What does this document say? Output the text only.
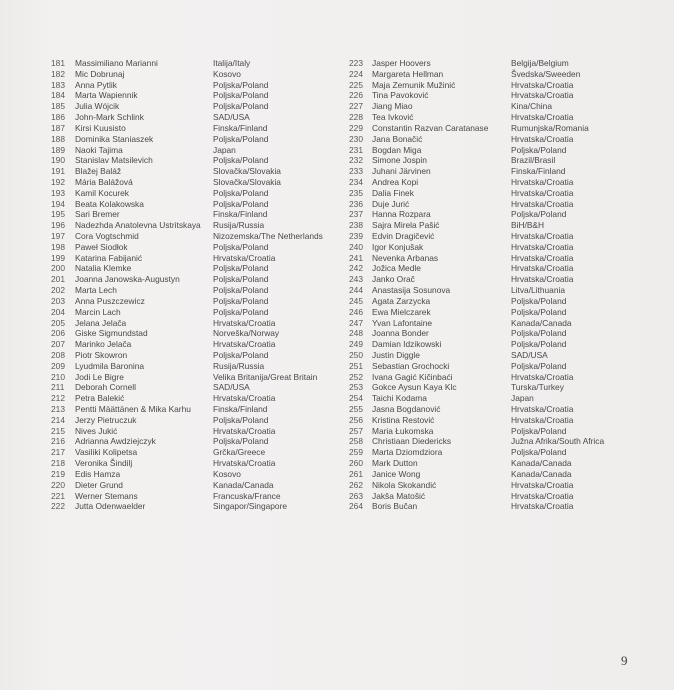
181	Massimiliano Marianni	Italija/Italy
182	Mic Dobrunaj	Kosovo
183	Anna Pytlik	Poljska/Poland
184	Marta Wapiennik	Poljska/Poland
185	Julia Wójcik	Poljska/Poland
186	John-Mark Schlink	SAD/USA
187	Kirsi Kuusisto	Finska/Finland
188	Dominika Staniaszek	Poljska/Poland
189	Naoki Tajima	Japan
190	Stanislav Matsilevich	Poljska/Poland
191	Blažej Baláž	Slovačka/Slovakia
192	Mária Balážová	Slovačka/Slovakia
193	Kamil Kocurek	Poljska/Poland
194	Beata Kolakowska	Poljska/Poland
195	Sari Bremer	Finska/Finland
196	Nadezhda Anatolevna Ustritskaya	Rusija/Russia
197	Cora Vogtschmid	Nizozemska/The Netherlands
198	Paweł Siodłok	Poljska/Poland
199	Katarina Fabijanić	Hrvatska/Croatia
200	Natalia Klemke	Poljska/Poland
201	Joanna Janowska-Augustyn	Poljska/Poland
202	Marta Lech	Poljska/Poland
203	Anna Puszczewicz	Poljska/Poland
204	Marcin Lach	Poljska/Poland
205	Jelana Jelača	Hrvatska/Croatia
206	Giske Sigmundstad	Norveška/Norway
207	Marinko Jelača	Hrvatska/Croatia
208	Piotr Skowron	Poljska/Poland
209	Lyudmila Baronina	Rusija/Russia
210	Jodi Le Bigre	Velika Britanija/Great Britain
211	Deborah Cornell	SAD/USA
212	Petra Balekić	Hrvatska/Croatia
213	Pentti Määttänen & Mika Karhu	Finska/Finland
214	Jerzy Pietruczuk	Poljska/Poland
215	Nives Jukić	Hrvatska/Croatia
216	Adrianna Awdziejczyk	Poljska/Poland
217	Vasiliki Kolipetsa	Grčka/Greece
218	Veronika Šindilj	Hrvatska/Croatia
219	Edis Hamza	Kosovo
220	Dieter Grund	Kanada/Canada
221	Werner Stemans	Francuska/France
222	Jutta Odenwaelder	Singapor/Singapore
223	Jasper Hoovers	Belgija/Belgium
224	Margareta Hellman	Švedska/Sweeden
225	Maja Zemunik Mužinić	Hrvatska/Croatia
226	Tina Pavoković	Hrvatska/Croatia
227	Jiang Miao	Kina/China
228	Tea Ivković	Hrvatska/Croatia
229	Constantin Razvan Caratanase	Rumunjska/Romania
230	Jana Bonačić	Hrvatska/Croatia
231	Bogdan Miga	Poljska/Poland
232	Simone Jospin	Brazil/Brasil
233	Juhani Järvinen	Finska/Finland
234	Andrea Kopi	Hrvatska/Croatia
235	Dalia Finek	Hrvatska/Croatia
236	Duje Jurić	Hrvatska/Croatia
237	Hanna Rozpara	Poljska/Poland
238	Sajra Mirela Pašić	BiH/B&H
239	Edvin Dragičević	Hrvatska/Croatia
240	Igor Konjušak	Hrvatska/Croatia
241	Nevenka Arbanas	Hrvatska/Croatia
242	Jožica Medle	Hrvatska/Croatia
243	Janko Orač	Hrvatska/Croatia
244	Anastasija Sosunova	Litva/Lithuania
245	Agata Zarzycka	Poljska/Poland
246	Ewa Mielczarek	Poljska/Poland
247	Yvan Lafontaine	Kanada/Canada
248	Joanna Bonder	Poljska/Poland
249	Damian Idzikowski	Poljska/Poland
250	Justin Diggle	SAD/USA
251	Sebastian Grochocki	Poljska/Poland
252	Ivana Gagić Kičinbaći	Hrvatska/Croatia
253	Gokce Aysun Kaya Klc	Turska/Turkey
254	Taichi Kodama	Japan
255	Jasna Bogdanović	Hrvatska/Croatia
256	Kristina Restović	Hrvatska/Croatia
257	Maria Łukomska	Poljska/Poland
258	Christiaan Diedericks	Južna Afrika/South Africa
259	Marta Dziomdziora	Poljska/Poland
260	Mark Dutton	Kanada/Canada
261	Janice Wong	Kanada/Canada
262	Nikola Skokandić	Hrvatska/Croatia
263	Jakša Matošić	Hrvatska/Croatia
264	Boris Bučan	Hrvatska/Croatia
9
